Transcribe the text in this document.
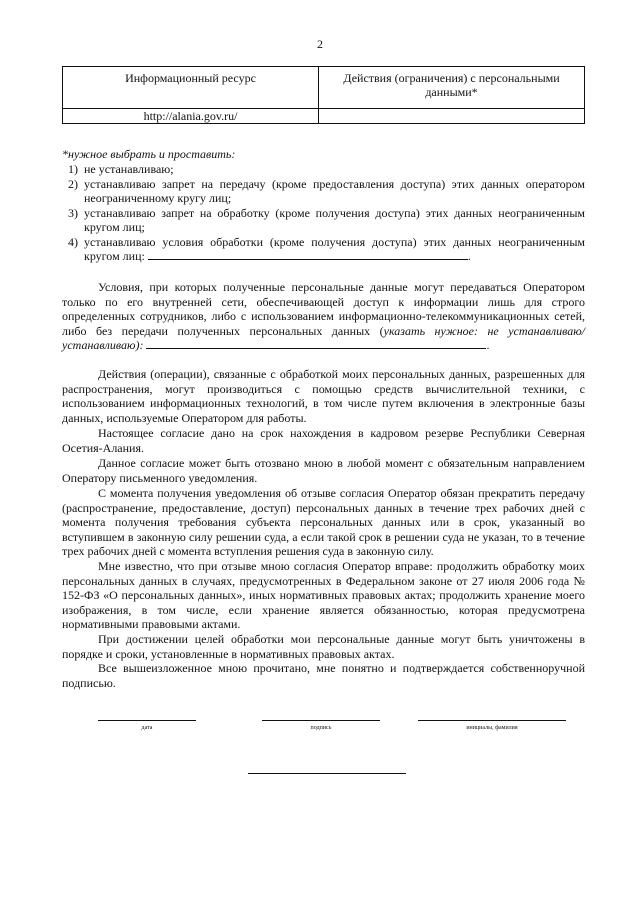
2
Информационный ресурс	Действия (ограничения) с персональными данными*
http://alania.gov.ru/	
*нужное выбрать и проставить:
1) не устанавливаю;
2) устанавливаю запрет на передачу (кроме предоставления доступа) этих данных оператором неограниченному кругу лиц;
3) устанавливаю запрет на обработку (кроме получения доступа) этих данных неограниченным кругом лиц;
4) устанавливаю условия обработки (кроме получения доступа) этих данных неограниченным кругом лиц:	.

Условия, при которых полученные персональные данные могут передаваться Оператором только по его внутренней сети, обеспечивающей доступ к информации лишь для строго определенных сотрудников, либо с использованием информационно-телекоммуникационных сетей, либо без передачи полученных персональных данных (указать нужное: не устанавливаю/устанавливаю):	.

Действия (операции), связанные с обработкой моих персональных данных, разрешенных для распространения, могут производиться с помощью средств вычислительной техники, с использованием информационных технологий, в том числе путем включения в электронные базы данных, используемые Оператором для работы.

Настоящее согласие дано на срок нахождения в кадровом резерве Республики Северная Осетия-Алания.

Данное согласие может быть отозвано мною в любой момент с обязательным направлением Оператору письменного уведомления.

С момента получения уведомления об отзыве согласия Оператор обязан прекратить передачу (распространение, предоставление, доступ) персональных данных в течение трех рабочих дней с момента получения требования субъекта персональных данных или в срок, указанный во вступившем в законную силу решении суда, а если такой срок в решении суда не указан, то в течение трех рабочих дней с момента вступления решения суда в законную силу.

Мне известно, что при отзыве мною согласия Оператор вправе: продолжить обработку моих персональных данных в случаях, предусмотренных в Федеральном законе от 27 июля 2006 года № 152-ФЗ «О персональных данных», иных нормативных правовых актах; продолжить хранение моего изображения, в том числе, если хранение является обязанностью, которая предусмотрена нормативными правовыми актами.

При достижении целей обработки мои персональные данные могут быть уничтожены в порядке и сроки, установленные в нормативных правовых актах.

Все вышеизложенное мною прочитано, мне понятно и подтверждается собственноручной подписью.

дата	подпись	инициалы, фамилия
